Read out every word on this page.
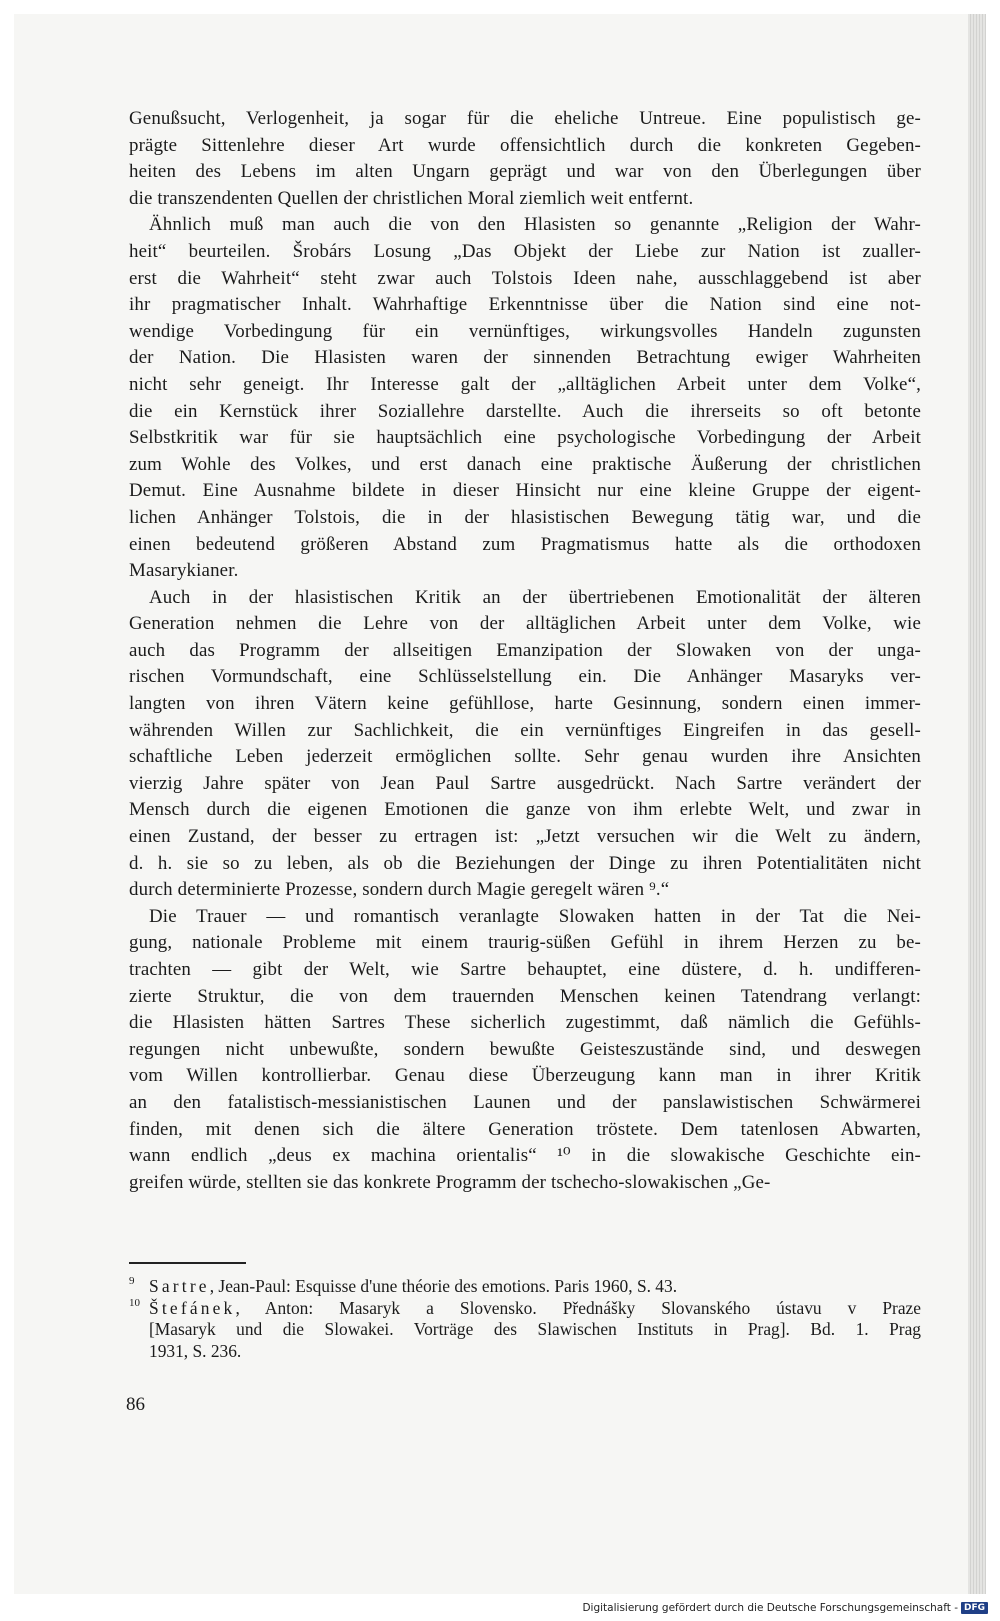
Genußsucht, Verlogenheit, ja sogar für die eheliche Untreue. Eine populistisch ge-
prägte Sittenlehre dieser Art wurde offensichtlich durch die konkreten Gegeben-
heiten des Lebens im alten Ungarn geprägt und war von den Überlegungen über
die transzendenten Quellen der christlichen Moral ziemlich weit entfernt.
Ähnlich muß man auch die von den Hlasisten so genannte „Religion der Wahr-
heit“ beurteilen. Šrobárs Losung „Das Objekt der Liebe zur Nation ist zualler-
erst die Wahrheit“ steht zwar auch Tolstois Ideen nahe, ausschlaggebend ist aber
ihr pragmatischer Inhalt. Wahrhaftige Erkenntnisse über die Nation sind eine not-
wendige Vorbedingung für ein vernünftiges, wirkungsvolles Handeln zugunsten
der Nation. Die Hlasisten waren der sinnenden Betrachtung ewiger Wahrheiten
nicht sehr geneigt. Ihr Interesse galt der „alltäglichen Arbeit unter dem Volke“,
die ein Kernstück ihrer Soziallehre darstellte. Auch die ihrerseits so oft betonte
Selbstkritik war für sie hauptsächlich eine psychologische Vorbedingung der Arbeit
zum Wohle des Volkes, und erst danach eine praktische Äußerung der christlichen
Demut. Eine Ausnahme bildete in dieser Hinsicht nur eine kleine Gruppe der eigent-
lichen Anhänger Tolstois, die in der hlasistischen Bewegung tätig war, und die
einen bedeutend größeren Abstand zum Pragmatismus hatte als die orthodoxen
Masarykianer.
Auch in der hlasistischen Kritik an der übertriebenen Emotionalität der älteren
Generation nehmen die Lehre von der alltäglichen Arbeit unter dem Volke, wie
auch das Programm der allseitigen Emanzipation der Slowaken von der unga-
rischen Vormundschaft, eine Schlüsselstellung ein. Die Anhänger Masaryks ver-
langten von ihren Vätern keine gefühllose, harte Gesinnung, sondern einen immer-
währenden Willen zur Sachlichkeit, die ein vernünftiges Eingreifen in das gesell-
schaftliche Leben jederzeit ermöglichen sollte. Sehr genau wurden ihre Ansichten
vierzig Jahre später von Jean Paul Sartre ausgedrückt. Nach Sartre verändert der
Mensch durch die eigenen Emotionen die ganze von ihm erlebte Welt, und zwar in
einen Zustand, der besser zu ertragen ist: „Jetzt versuchen wir die Welt zu ändern,
d. h. sie so zu leben, als ob die Beziehungen der Dinge zu ihren Potentialitäten nicht
durch determinierte Prozesse, sondern durch Magie geregelt wären ⁹.“
Die Trauer — und romantisch veranlagte Slowaken hatten in der Tat die Nei-
gung, nationale Probleme mit einem traurig-süßen Gefühl in ihrem Herzen zu be-
trachten — gibt der Welt, wie Sartre behauptet, eine düstere, d. h. undifferen-
zierte Struktur, die von dem trauernden Menschen keinen Tatendrang verlangt:
die Hlasisten hätten Sartres These sicherlich zugestimmt, daß nämlich die Gefühls-
regungen nicht unbewußte, sondern bewußte Geisteszustände sind, und deswegen
vom Willen kontrollierbar. Genau diese Überzeugung kann man in ihrer Kritik
an den fatalistisch-messianistischen Launen und der panslawistischen Schwärmerei
finden, mit denen sich die ältere Generation tröstete. Dem tatenlosen Abwarten,
wann endlich „deus ex machina orientalis“ ¹⁰ in die slowakische Geschichte ein-
greifen würde, stellten sie das konkrete Programm der tschecho-slowakischen „Ge-
9 Sartre, Jean-Paul: Esquisse d'une théorie des emotions. Paris 1960, S. 43.
10 Štefánek, Anton: Masaryk a Slovensko. Přednášky Slovanského ústavu v Praze
[Masaryk und die Slowakei. Vorträge des Slawischen Instituts in Prag]. Bd. 1. Prag
1931, S. 236.
86
Digitalisierung gefördert durch die Deutsche Forschungsgemeinschaft - DFG
